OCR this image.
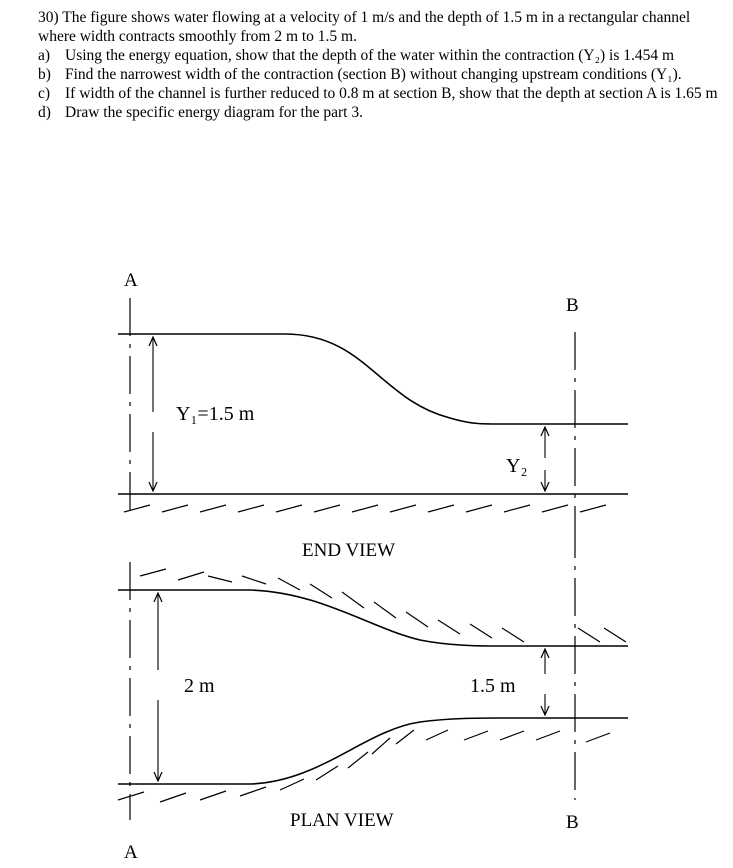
30) The figure shows water flowing at a velocity of 1 m/s and the depth of 1.5 m in a rectangular channel where width contracts smoothly from 2 m to 1.5 m.

a) Using the energy equation, show that the depth of the water within the contraction (Y₂) is 1.454 m
b) Find the narrowest width of the contraction (section B) without changing upstream conditions (Y₁).
c) If width of the channel is further reduced to 0.8 m at section B, show that the depth at section A is 1.65 m
d) Draw the specific energy diagram for the part 3.
A
B
Y₁=1.5 m
Y₂
END VIEW
2 m	1.5 m
PLAN VIEW
A
B
